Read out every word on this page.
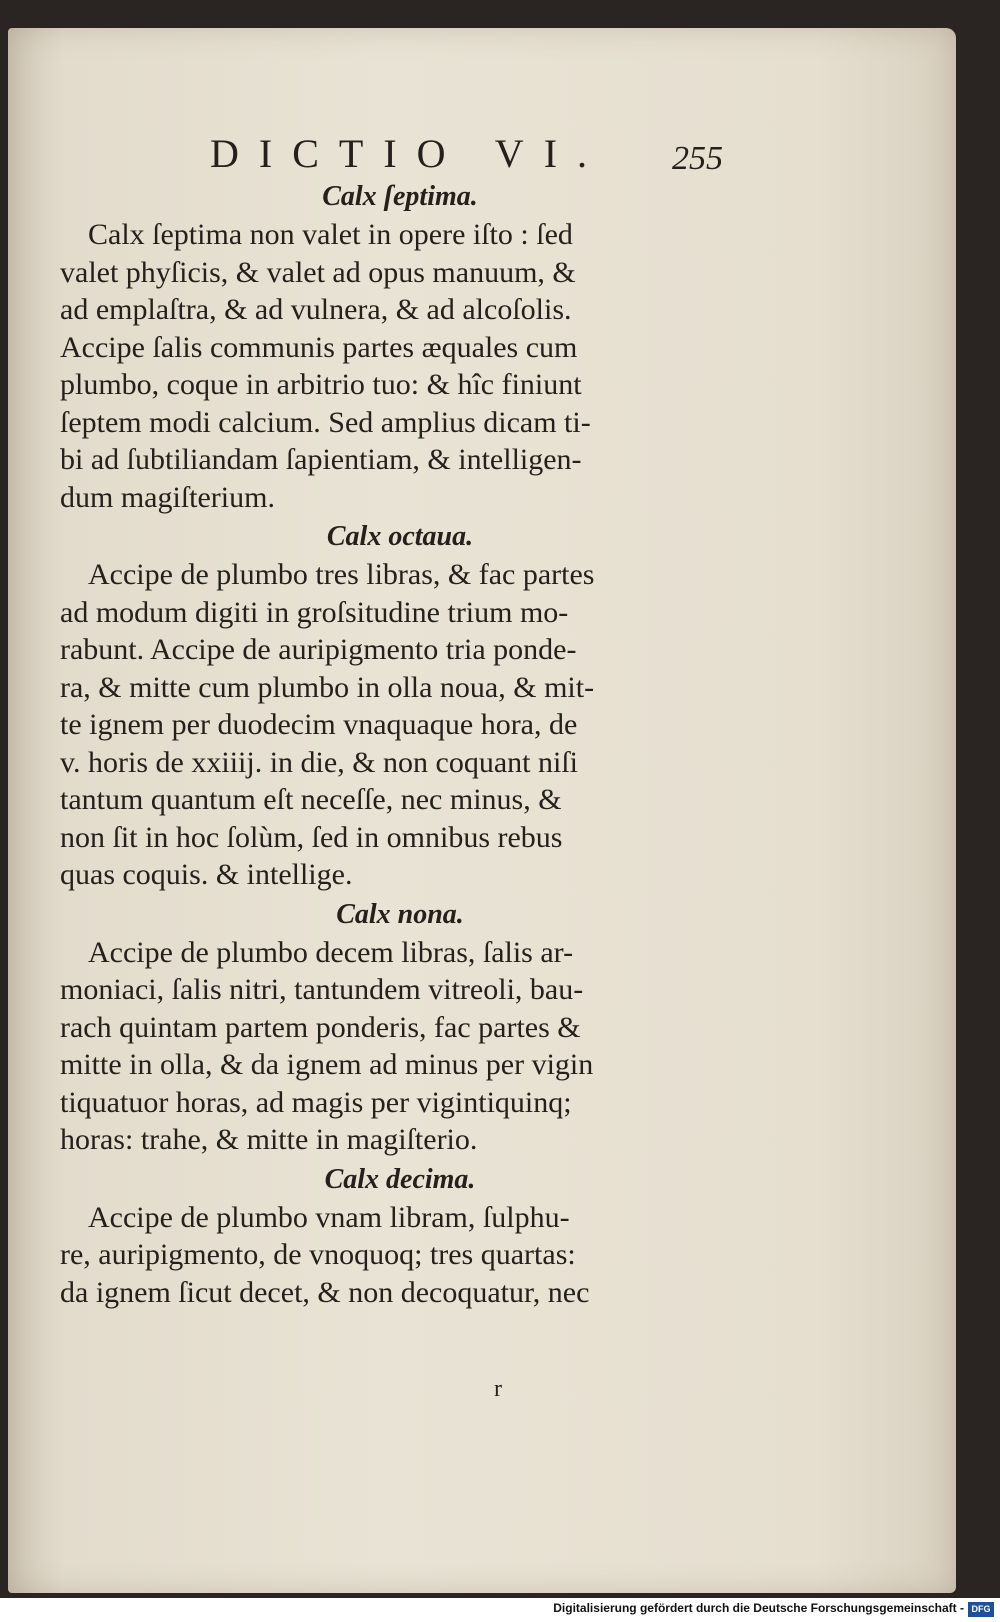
DICTIO VI. 255
Calx ſeptima.

Calx ſeptima non valet in opere iſto : ſed
valet phyſicis, & valet ad opus manuum, &
ad emplaſtra, & ad vulnera, & ad alcoſolis.
Accipe ſalis communis partes æquales cum
plumbo, coque in arbitrio tuo: & hîc finiunt
ſeptem modi calcium. Sed amplius dicam ti-
bi ad ſubtiliandam ſapientiam, & intelligen-
dum magiſterium.

Calx octaua.

Accipe de plumbo tres libras, & fac partes
ad modum digiti in groſsitudine trium mo-
rabunt. Accipe de auripigmento tria ponde-
ra, & mitte cum plumbo in olla noua, & mit-
te ignem per duodecim vnaquaque hora, de
v. horis de xxiiij. in die, & non coquant niſi
tantum quantum eſt neceſſe, nec minus, &
non ſit in hoc ſolùm, ſed in omnibus rebus
quas coquis. & intellige.

Calx nona.

Accipe de plumbo decem libras, ſalis ar-
moniaci, ſalis nitri, tantundem vitreoli, bau-
rach quintam partem ponderis, fac partes &
mitte in olla, & da ignem ad minus per vigin
tiquatuor horas, ad magis per vigintiquinq;
horas: trahe, & mitte in magiſterio.

Calx decima.

Accipe de plumbo vnam libram, ſulphu-
re, auripigmento, de vnoquoq; tres quartas:
da ignem ſicut decet, & non decoquatur, nec

r
Digitalisierung gefördert durch die Deutsche Forschungsgemeinschaft - DFG
